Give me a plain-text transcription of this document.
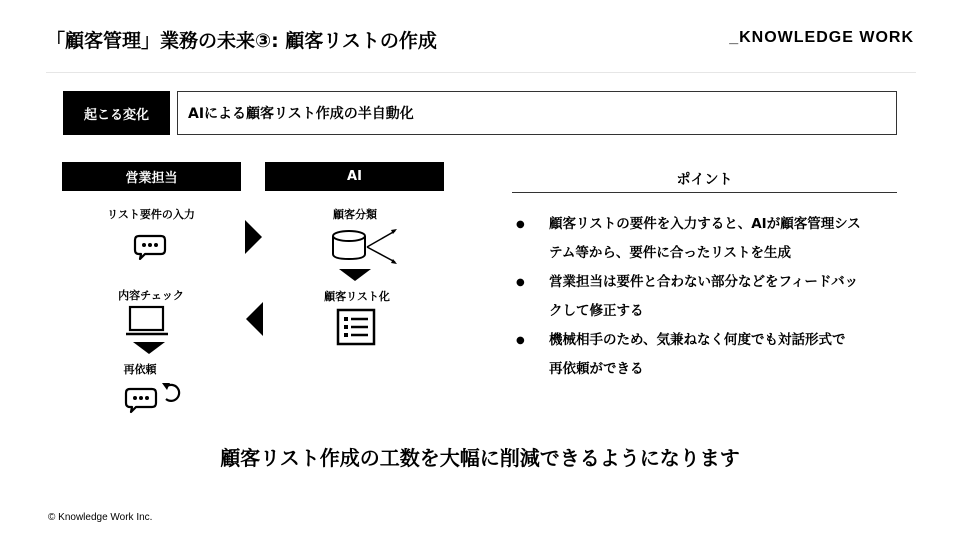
「顧客管理」業務の未来③: 顧客リストの作成	_KNOWLEDGE WORK
起こる変化	AIによる顧客リスト作成の半自動化
営業担当	AI
リスト要件の入力
内容チェック
再依頼
顧客分類
顧客リスト化
ポイント
● 顧客リストの要件を入力すると、AIが顧客管理シス
テム等から、要件に合ったリストを生成
● 営業担当は要件と合わない部分などをフィードバッ
クして修正する
● 機械相手のため、気兼ねなく何度でも対話形式で
再依頼ができる
顧客リスト作成の工数を大幅に削減できるようになります
© Knowledge Work Inc.
